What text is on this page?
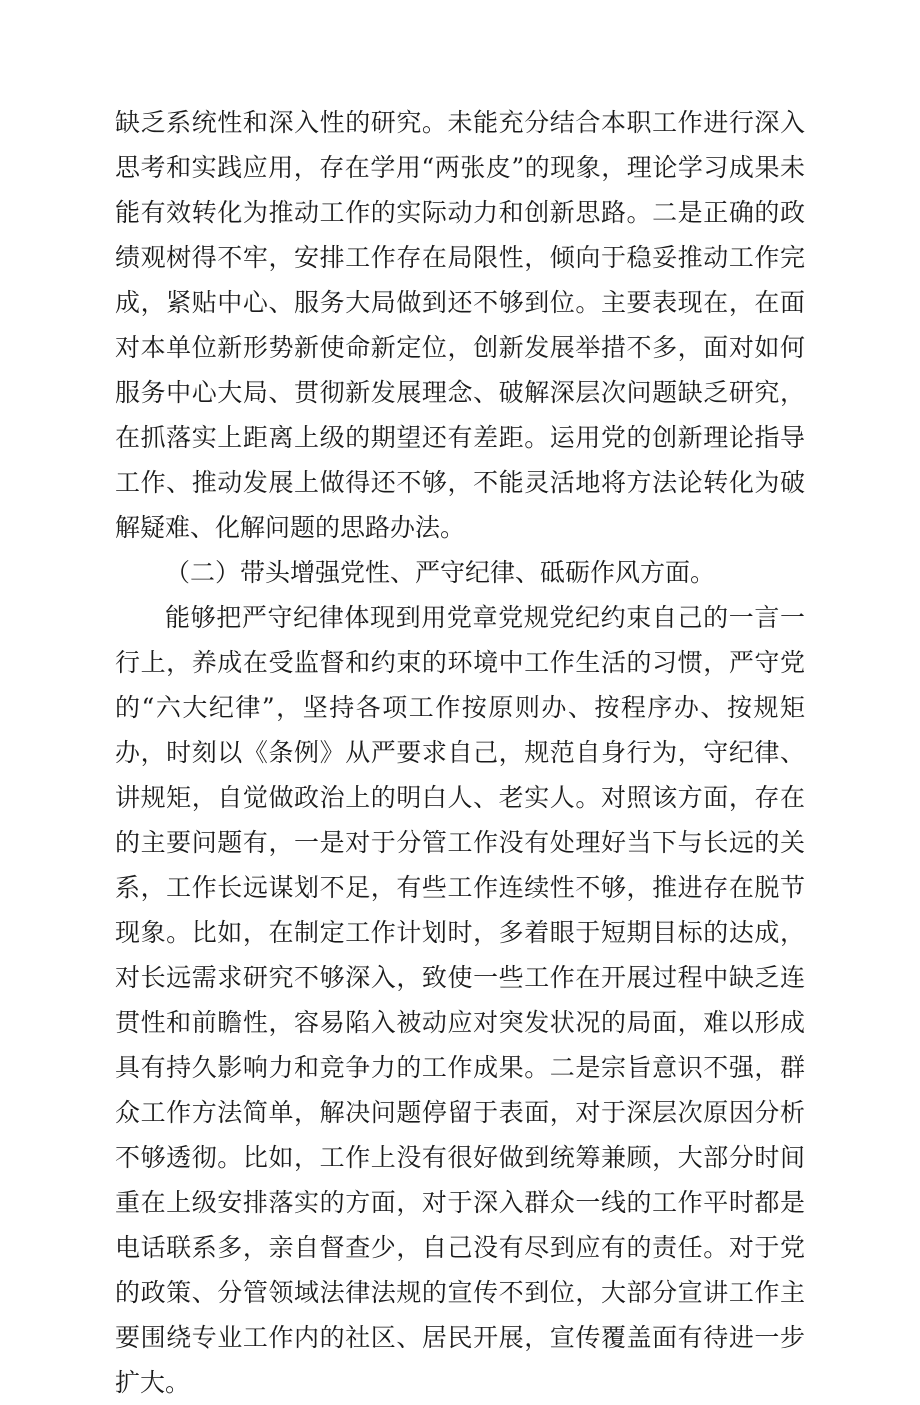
缺乏系统性和深入性的研究。未能充分结合本职工作进行深入思考和实践应用，存在学用“两张皮”的现象，理论学习成果未能有效转化为推动工作的实际动力和创新思路。二是正确的政绩观树得不牢，安排工作存在局限性，倾向于稳妥推动工作完成，紧贴中心、服务大局做到还不够到位。主要表现在，在面对本单位新形势新使命新定位，创新发展举措不多，面对如何服务中心大局、贯彻新发展理念、破解深层次问题缺乏研究，在抓落实上距离上级的期望还有差距。运用党的创新理论指导工作、推动发展上做得还不够，不能灵活地将方法论转化为破解疑难、化解问题的思路办法。

（二）带头增强党性、严守纪律、砥砺作风方面。

能够把严守纪律体现到用党章党规党纪约束自己的一言一行上，养成在受监督和约束的环境中工作生活的习惯，严守党的“六大纪律”，坚持各项工作按原则办、按程序办、按规矩办，时刻以《条例》从严要求自己，规范自身行为，守纪律、讲规矩，自觉做政治上的明白人、老实人。对照该方面，存在的主要问题有，一是对于分管工作没有处理好当下与长远的关系，工作长远谋划不足，有些工作连续性不够，推进存在脱节现象。比如，在制定工作计划时，多着眼于短期目标的达成，对长远需求研究不够深入，致使一些工作在开展过程中缺乏连贯性和前瞻性，容易陷入被动应对突发状况的局面，难以形成具有持久影响力和竞争力的工作成果。二是宗旨意识不强，群众工作方法简单，解决问题停留于表面，对于深层次原因分析不够透彻。比如，工作上没有很好做到统筹兼顾，大部分时间重在上级安排落实的方面，对于深入群众一线的工作平时都是电话联系多，亲自督查少，自己没有尽到应有的责任。对于党的政策、分管领域法律法规的宣传不到位，大部分宣讲工作主要围绕专业工作内的社区、居民开展，宣传覆盖面有待进一步扩大。
